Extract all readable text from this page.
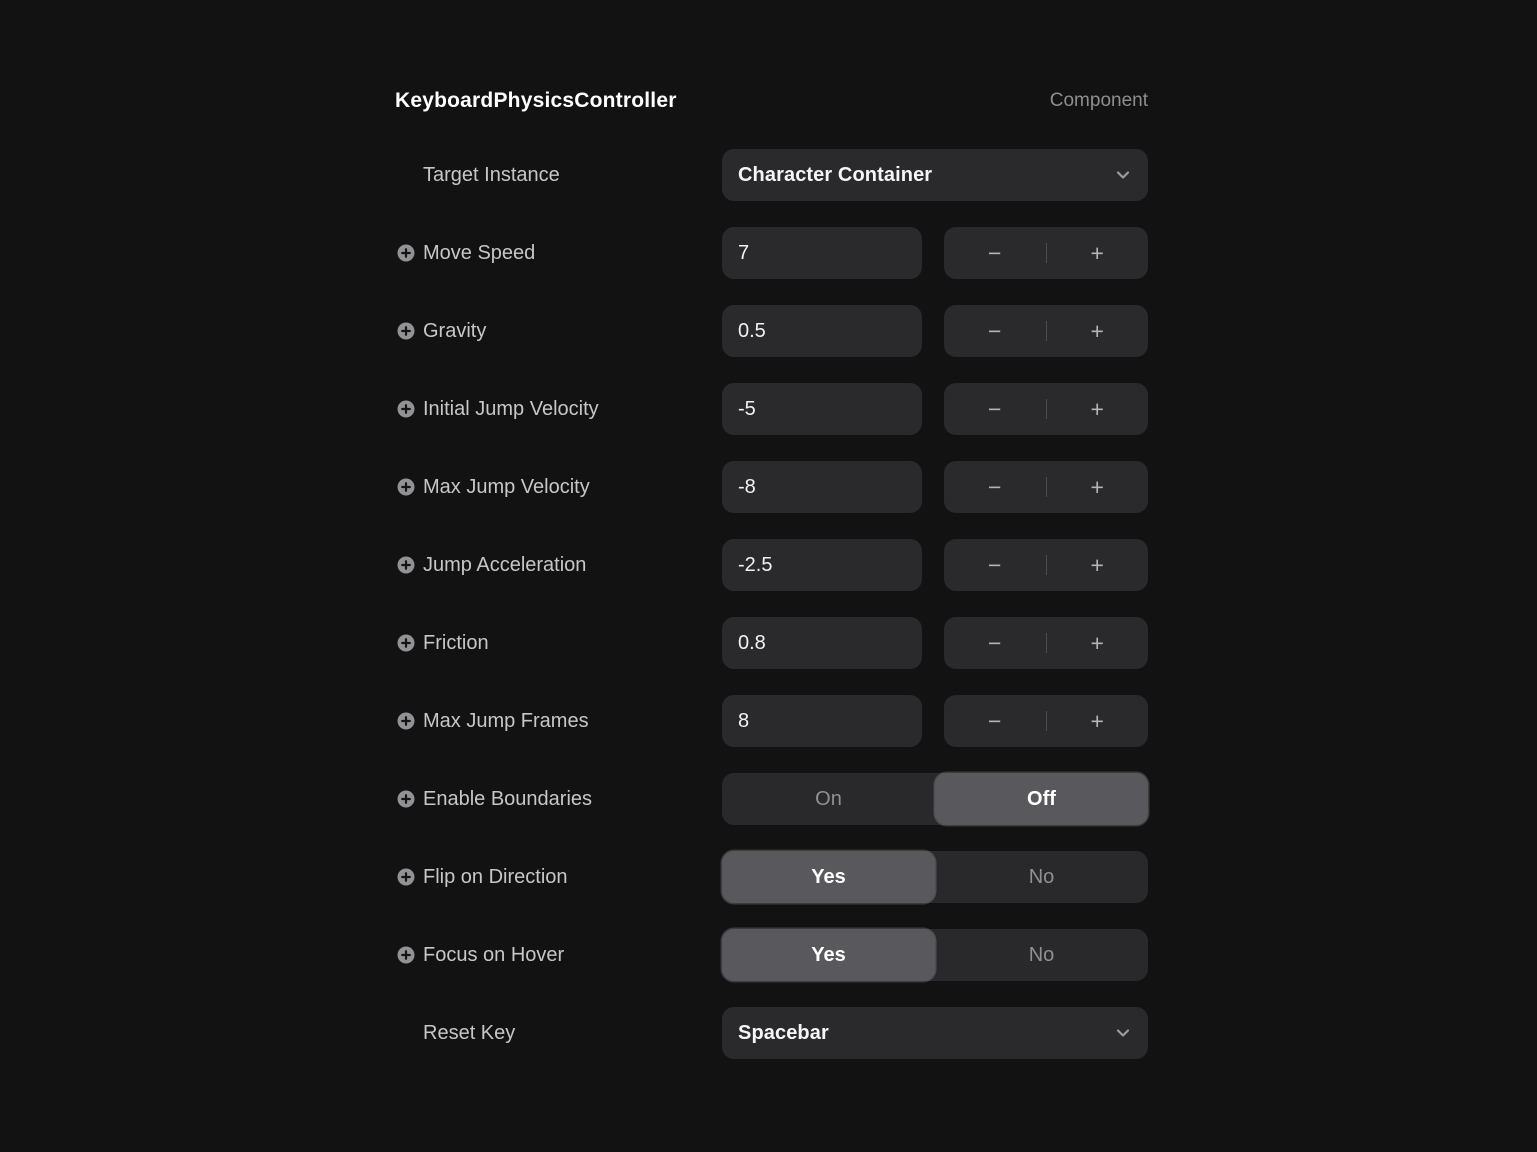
KeyboardPhysicsController	Component
Target Instance	Character Container
Move Speed	7	−	+
Gravity	0.5	−	+
Initial Jump Velocity	-5	−	+
Max Jump Velocity	-8	−	+
Jump Acceleration	-2.5	−	+
Friction	0.8	−	+
Max Jump Frames	8	−	+
Enable Boundaries	On	Off
Flip on Direction	Yes	No
Focus on Hover	Yes	No
Reset Key	Spacebar
